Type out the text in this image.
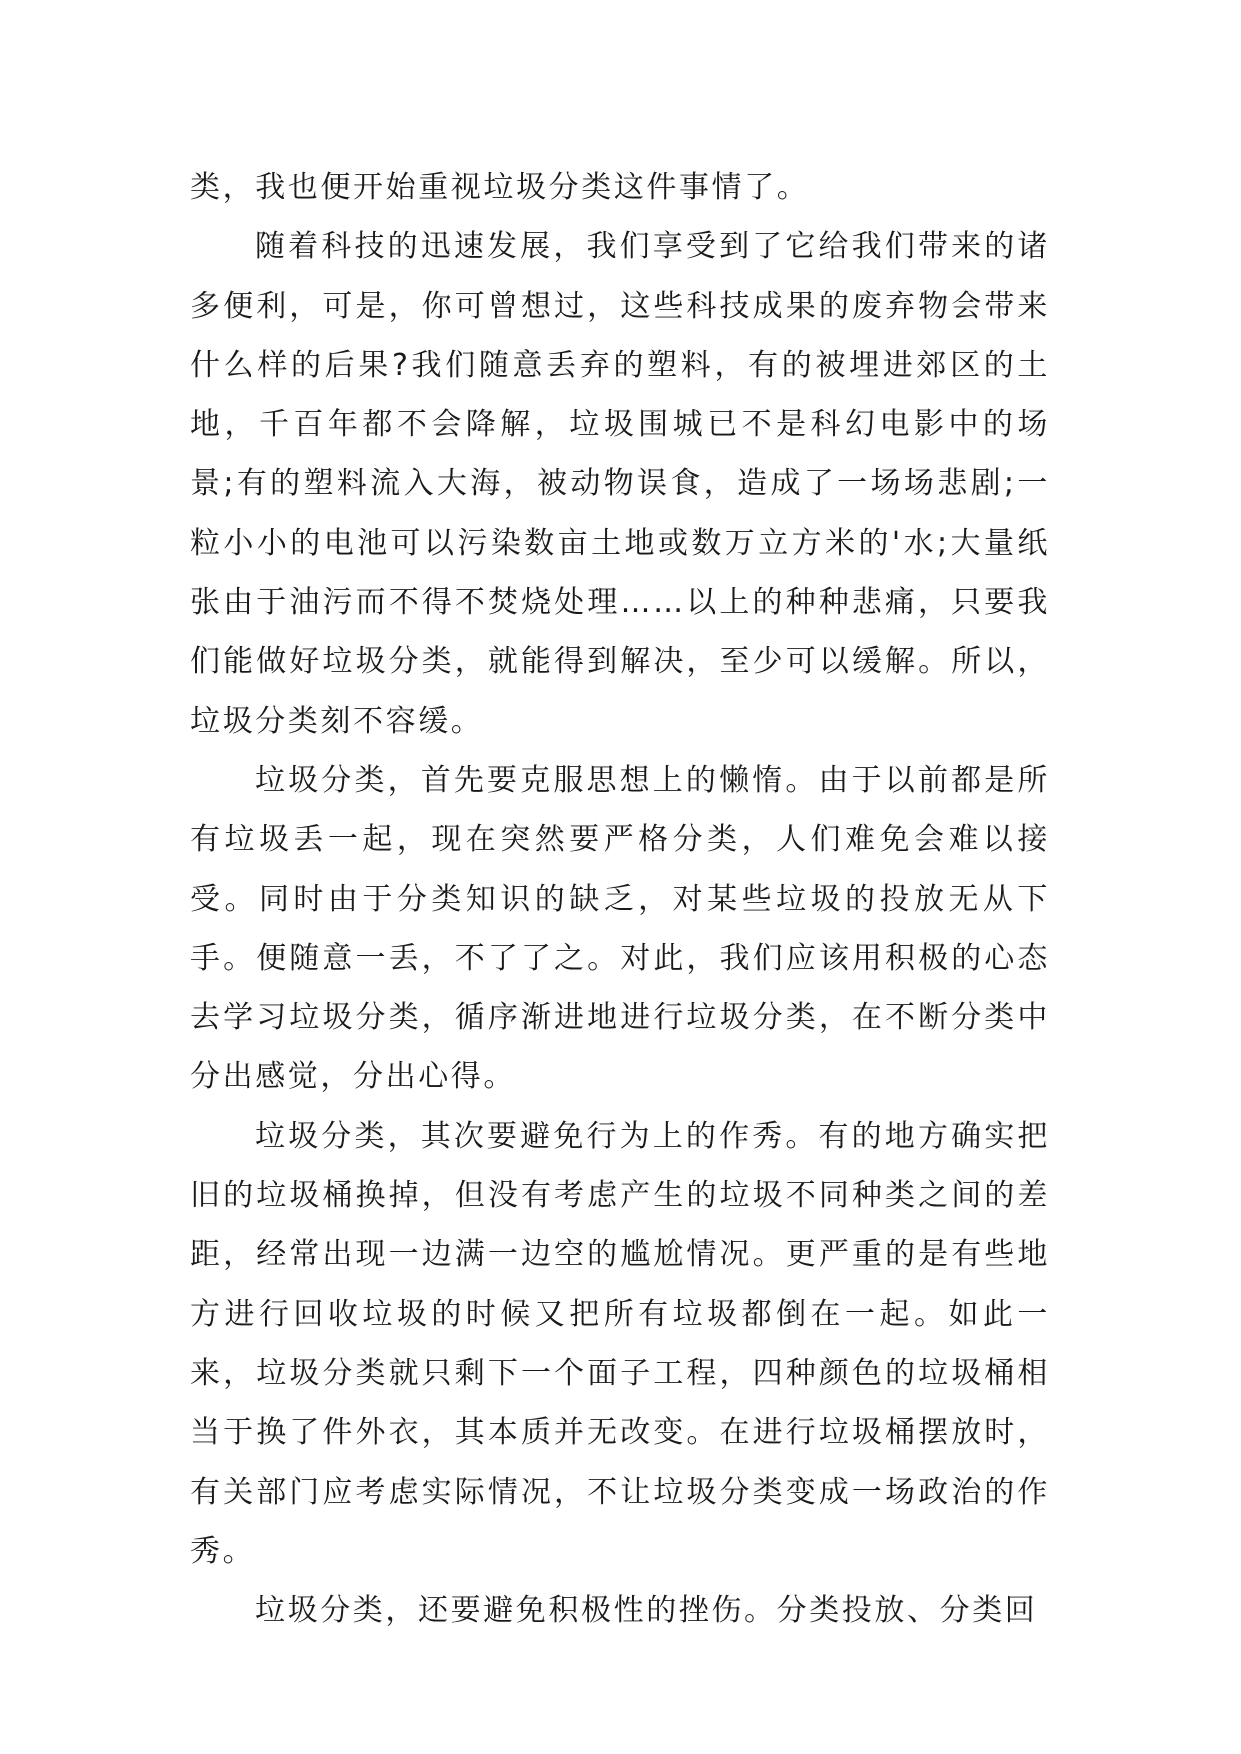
类，我也便开始重视垃圾分类这件事情了。

随着科技的迅速发展，我们享受到了它给我们带来的诸多便利，可是，你可曾想过，这些科技成果的废弃物会带来什么样的后果?我们随意丢弃的塑料，有的被埋进郊区的土地，千百年都不会降解，垃圾围城已不是科幻电影中的场景;有的塑料流入大海，被动物误食，造成了一场场悲剧;一粒小小的电池可以污染数亩土地或数万立方米的'水;大量纸张由于油污而不得不焚烧处理……以上的种种悲痛，只要我们能做好垃圾分类，就能得到解决，至少可以缓解。所以，垃圾分类刻不容缓。

垃圾分类，首先要克服思想上的懒惰。由于以前都是所有垃圾丢一起，现在突然要严格分类，人们难免会难以接受。同时由于分类知识的缺乏，对某些垃圾的投放无从下手。便随意一丢，不了了之。对此，我们应该用积极的心态去学习垃圾分类，循序渐进地进行垃圾分类，在不断分类中分出感觉，分出心得。

垃圾分类，其次要避免行为上的作秀。有的地方确实把旧的垃圾桶换掉，但没有考虑产生的垃圾不同种类之间的差距，经常出现一边满一边空的尴尬情况。更严重的是有些地方进行回收垃圾的时候又把所有垃圾都倒在一起。如此一来，垃圾分类就只剩下一个面子工程，四种颜色的垃圾桶相当于换了件外衣，其本质并无改变。在进行垃圾桶摆放时，有关部门应考虑实际情况，不让垃圾分类变成一场政治的作秀。

垃圾分类，还要避免积极性的挫伤。分类投放、分类回
